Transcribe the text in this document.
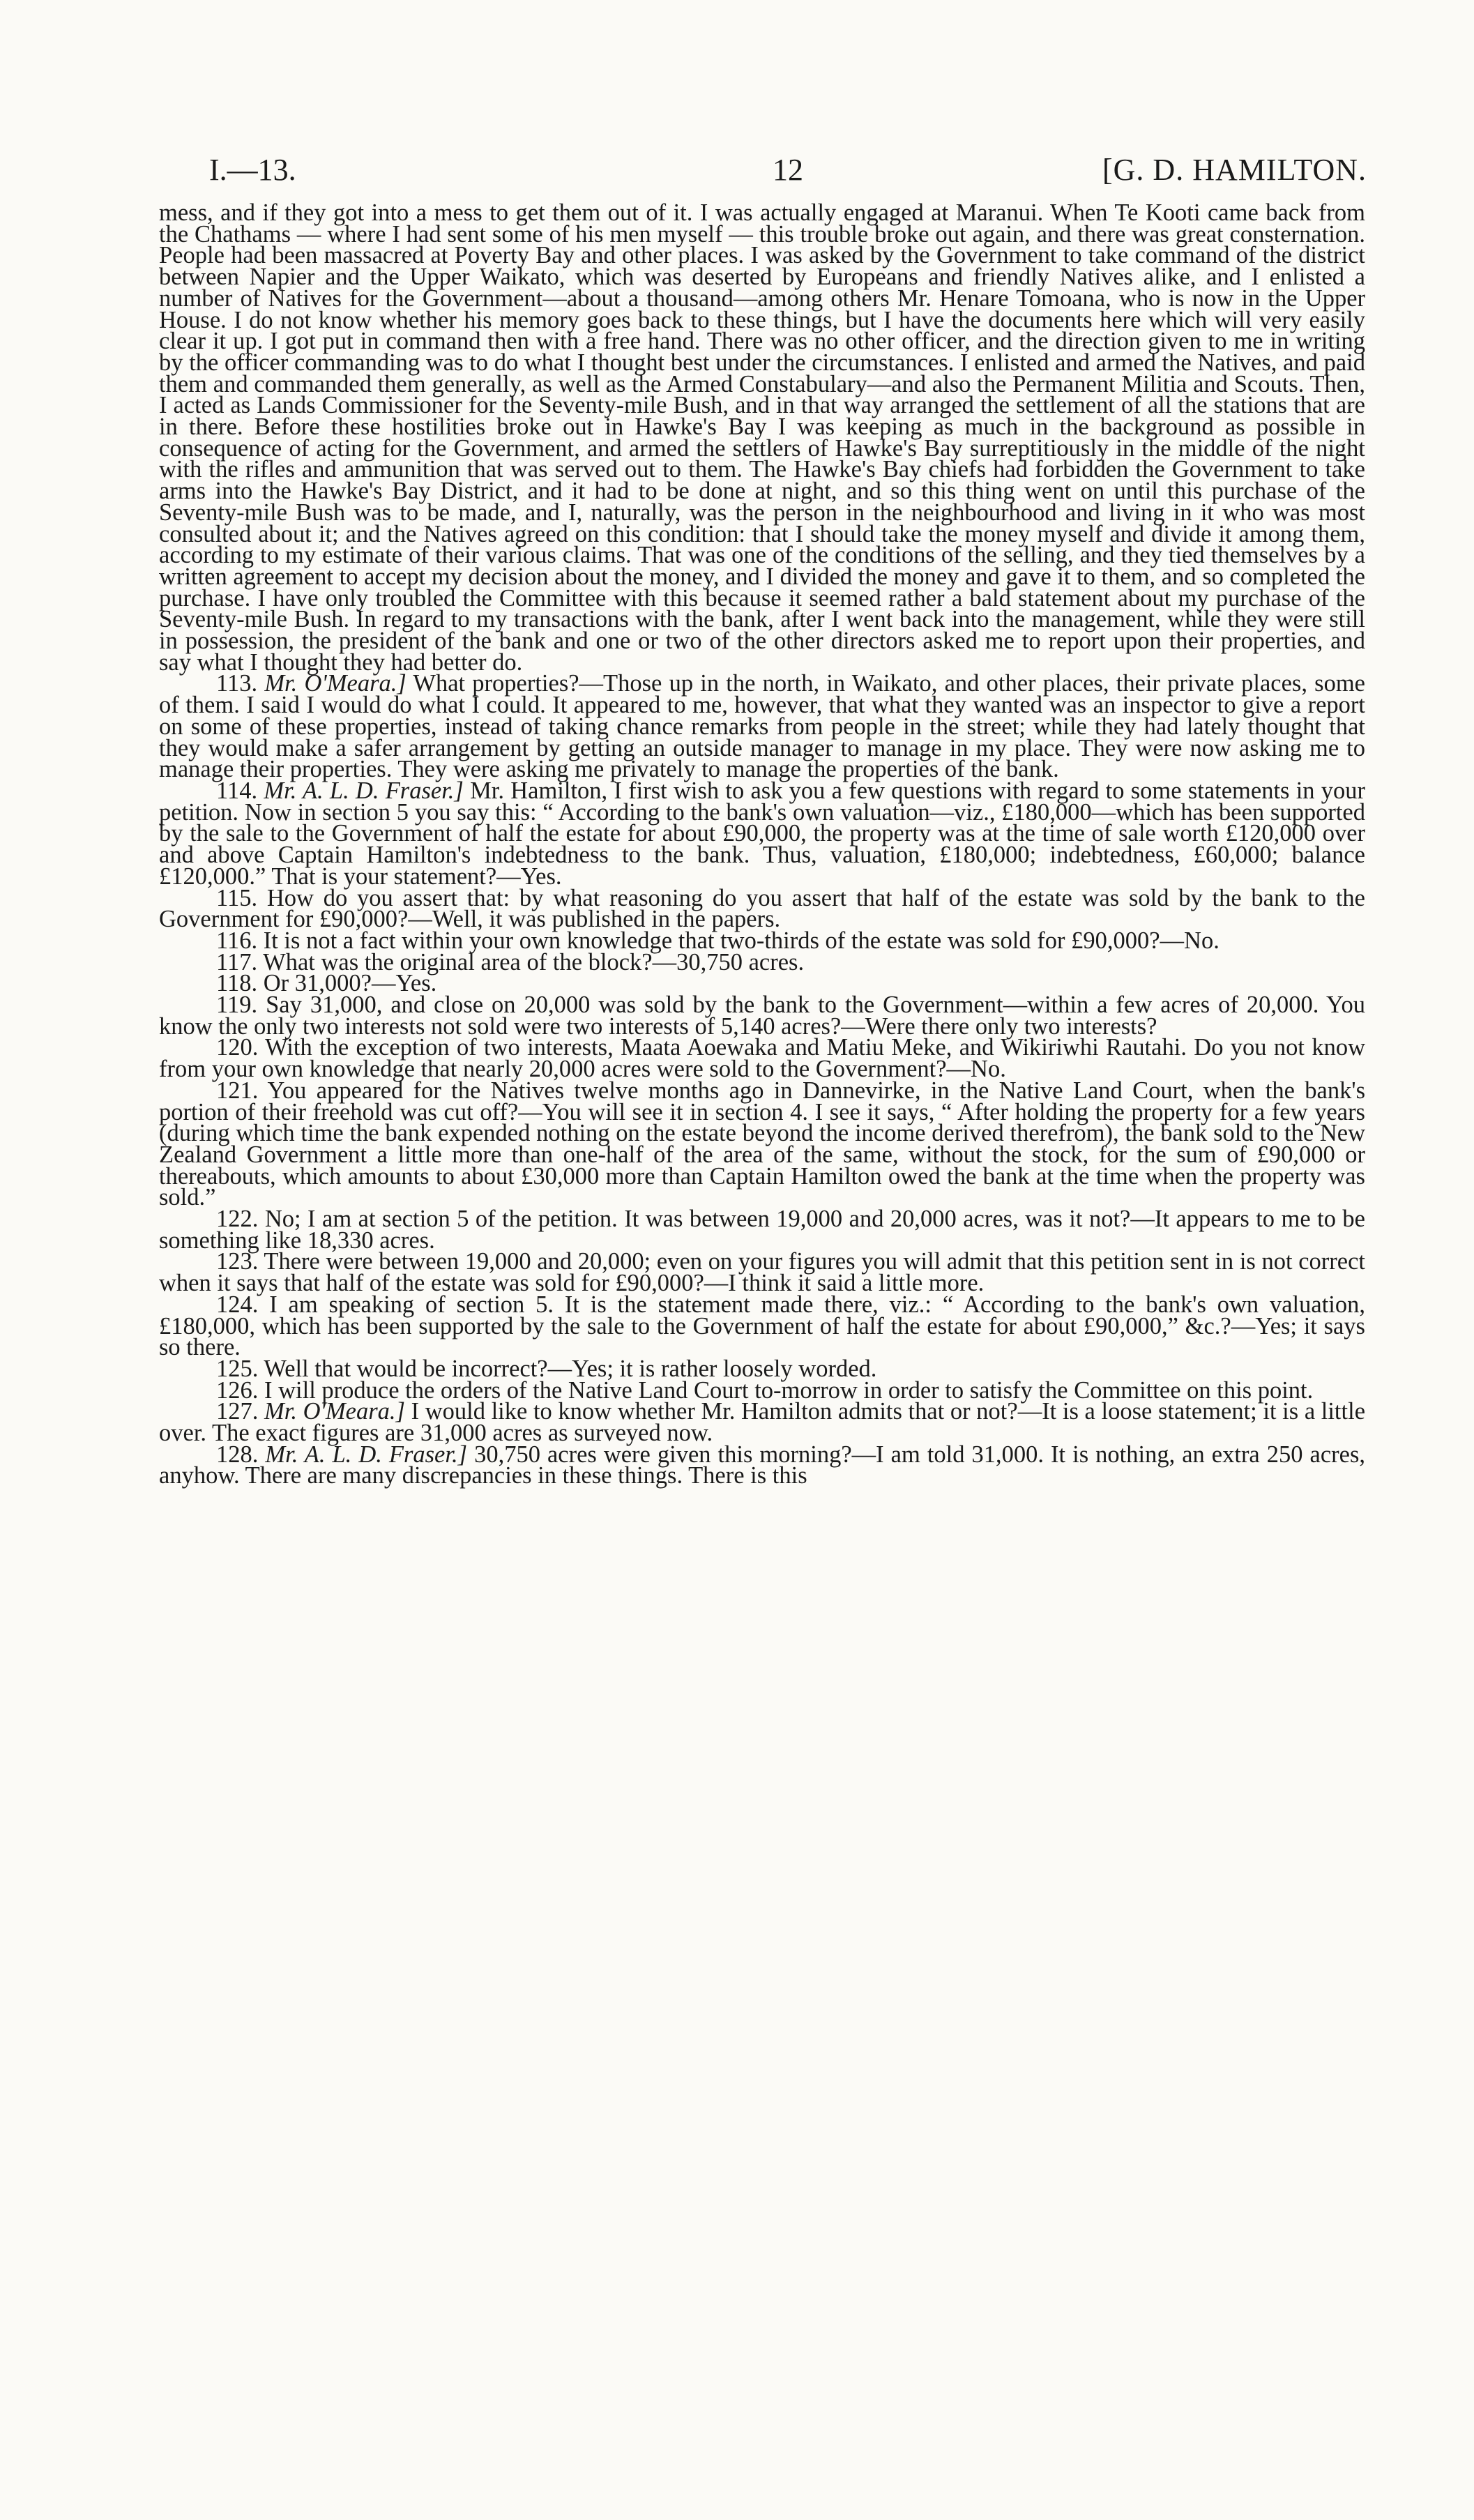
I.—13.	12	[G. D. HAMILTON.

mess, and if they got into a mess to get them out of it. I was actually engaged at Maranui. When Te Kooti came back from the Chathams — where I had sent some of his men myself — this trouble broke out again, and there was great consternation. People had been massacred at Poverty Bay and other places. I was asked by the Government to take command of the district between Napier and the Upper Waikato, which was deserted by Europeans and friendly Natives alike, and I enlisted a number of Natives for the Government—about a thousand—among others Mr. Henare Tomoana, who is now in the Upper House. I do not know whether his memory goes back to these things, but I have the documents here which will very easily clear it up. I got put in command then with a free hand. There was no other officer, and the direction given to me in writing by the officer commanding was to do what I thought best under the circumstances. I enlisted and armed the Natives, and paid them and commanded them generally, as well as the Armed Constabulary—and also the Permanent Militia and Scouts. Then, I acted as Lands Commissioner for the Seventy-mile Bush, and in that way arranged the settlement of all the stations that are in there. Before these hostilities broke out in Hawke's Bay I was keeping as much in the background as possible in consequence of acting for the Government, and armed the settlers of Hawke's Bay surreptitiously in the middle of the night with the rifles and ammunition that was served out to them. The Hawke's Bay chiefs had forbidden the Government to take arms into the Hawke's Bay District, and it had to be done at night, and so this thing went on until this purchase of the Seventy-mile Bush was to be made, and I, naturally, was the person in the neighbourhood and living in it who was most consulted about it; and the Natives agreed on this condition: that I should take the money myself and divide it among them, according to my estimate of their various claims. That was one of the conditions of the selling, and they tied themselves by a written agreement to accept my decision about the money, and I divided the money and gave it to them, and so completed the purchase. I have only troubled the Committee with this because it seemed rather a bald statement about my purchase of the Seventy-mile Bush. In regard to my transactions with the bank, after I went back into the management, while they were still in possession, the president of the bank and one or two of the other directors asked me to report upon their properties, and say what I thought they had better do.

113. Mr. O'Meara.] What properties?—Those up in the north, in Waikato, and other places, their private places, some of them. I said I would do what I could. It appeared to me, however, that what they wanted was an inspector to give a report on some of these properties, instead of taking chance remarks from people in the street; while they had lately thought that they would make a safer arrangement by getting an outside manager to manage in my place. They were now asking me to manage their properties. They were asking me privately to manage the properties of the bank.

114. Mr. A. L. D. Fraser.] Mr. Hamilton, I first wish to ask you a few questions with regard to some statements in your petition. Now in section 5 you say this: “ According to the bank's own valuation—viz., £180,000—which has been supported by the sale to the Government of half the estate for about £90,000, the property was at the time of sale worth £120,000 over and above Captain Hamilton's indebtedness to the bank. Thus, valuation, £180,000; indebtedness, £60,000; balance £120,000.” That is your statement?—Yes.

115. How do you assert that: by what reasoning do you assert that half of the estate was sold by the bank to the Government for £90,000?—Well, it was published in the papers.

116. It is not a fact within your own knowledge that two-thirds of the estate was sold for £90,000?—No.

117. What was the original area of the block?—30,750 acres.

118. Or 31,000?—Yes.

119. Say 31,000, and close on 20,000 was sold by the bank to the Government—within a few acres of 20,000. You know the only two interests not sold were two interests of 5,140 acres?—Were there only two interests?

120. With the exception of two interests, Maata Aoewaka and Matiu Meke, and Wikiriwhi Rautahi. Do you not know from your own knowledge that nearly 20,000 acres were sold to the Government?—No.

121. You appeared for the Natives twelve months ago in Dannevirke, in the Native Land Court, when the bank's portion of their freehold was cut off?—You will see it in section 4. I see it says, “ After holding the property for a few years (during which time the bank expended nothing on the estate beyond the income derived therefrom), the bank sold to the New Zealand Government a little more than one-half of the area of the same, without the stock, for the sum of £90,000 or thereabouts, which amounts to about £30,000 more than Captain Hamilton owed the bank at the time when the property was sold.”

122. No; I am at section 5 of the petition. It was between 19,000 and 20,000 acres, was it not?—It appears to me to be something like 18,330 acres.

123. There were between 19,000 and 20,000; even on your figures you will admit that this petition sent in is not correct when it says that half of the estate was sold for £90,000?—I think it said a little more.

124. I am speaking of section 5. It is the statement made there, viz.: “ According to the bank's own valuation, £180,000, which has been supported by the sale to the Government of half the estate for about £90,000,” &c.?—Yes; it says so there.

125. Well that would be incorrect?—Yes; it is rather loosely worded.

126. I will produce the orders of the Native Land Court to-morrow in order to satisfy the Committee on this point.

127. Mr. O'Meara.] I would like to know whether Mr. Hamilton admits that or not?—It is a loose statement; it is a little over. The exact figures are 31,000 acres as surveyed now.

128. Mr. A. L. D. Fraser.] 30,750 acres were given this morning?—I am told 31,000. It is nothing, an extra 250 acres, anyhow. There are many discrepancies in these things. There is this
